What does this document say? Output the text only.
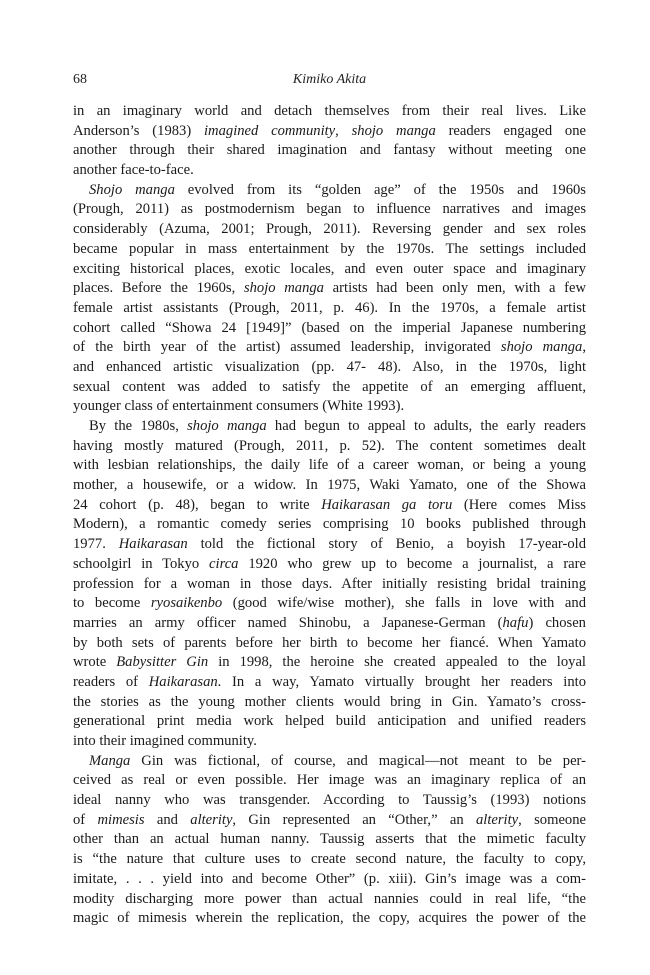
68	Kimiko Akita
in an imaginary world and detach themselves from their real lives. Like
Anderson’s (1983) imagined community, shojo manga readers engaged one
another through their shared imagination and fantasy without meeting one
another face-to-face.
Shojo manga evolved from its “golden age” of the 1950s and 1960s
(Prough, 2011) as postmodernism began to influence narratives and images
considerably (Azuma, 2001; Prough, 2011). Reversing gender and sex roles
became popular in mass entertainment by the 1970s. The settings included
exciting historical places, exotic locales, and even outer space and imaginary
places. Before the 1960s, shojo manga artists had been only men, with a few
female artist assistants (Prough, 2011, p. 46). In the 1970s, a female artist
cohort called “Showa 24 [1949]” (based on the imperial Japanese numbering
of the birth year of the artist) assumed leadership, invigorated shojo manga,
and enhanced artistic visualization (pp. 47- 48). Also, in the 1970s, light
sexual content was added to satisfy the appetite of an emerging affluent,
younger class of entertainment consumers (White 1993).
By the 1980s, shojo manga had begun to appeal to adults, the early readers
having mostly matured (Prough, 2011, p. 52). The content sometimes dealt
with lesbian relationships, the daily life of a career woman, or being a young
mother, a housewife, or a widow. In 1975, Waki Yamato, one of the Showa
24 cohort (p. 48), began to write Haikarasan ga toru (Here comes Miss
Modern), a romantic comedy series comprising 10 books published through
1977. Haikarasan told the fictional story of Benio, a boyish 17-year-old
schoolgirl in Tokyo circa 1920 who grew up to become a journalist, a rare
profession for a woman in those days. After initially resisting bridal training
to become ryosaikenbo (good wife/wise mother), she falls in love with and
marries an army officer named Shinobu, a Japanese-German (hafu) chosen
by both sets of parents before her birth to become her fiancé. When Yamato
wrote Babysitter Gin in 1998, the heroine she created appealed to the loyal
readers of Haikarasan. In a way, Yamato virtually brought her readers into
the stories as the young mother clients would bring in Gin. Yamato’s cross-
generational print media work helped build anticipation and unified readers
into their imagined community.
Manga Gin was fictional, of course, and magical—not meant to be per-
ceived as real or even possible. Her image was an imaginary replica of an
ideal nanny who was transgender. According to Taussig’s (1993) notions
of mimesis and alterity, Gin represented an “Other,” an alterity, someone
other than an actual human nanny. Taussig asserts that the mimetic faculty
is “the nature that culture uses to create second nature, the faculty to copy,
imitate, . . . yield into and become Other” (p. xiii). Gin’s image was a com-
modity discharging more power than actual nannies could in real life, “the
magic of mimesis wherein the replication, the copy, acquires the power of the
